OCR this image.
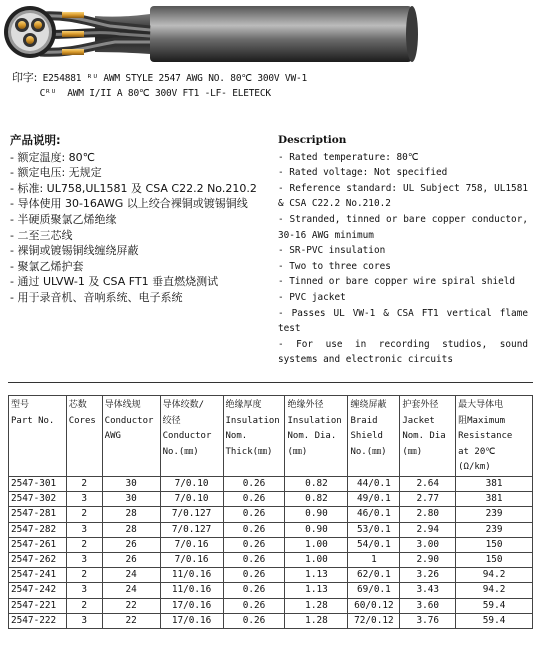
印字: E254881 ᴿᵁ AWM STYLE 2547 AWG NO. 80℃ 300V VW-1
Cᴿᵁ  AWM I/II A 80℃ 300V FT1 -LF- ELETECK
产品说明:
- 额定温度: 80℃
- 额定电压: 无规定
- 标准: UL758,UL1581 及 CSA C22.2 No.210.2
- 导体使用 30-16AWG 以上绞合裸铜或镀锡铜线
- 半硬质聚氯乙烯绝缘
- 二至三芯线
- 裸铜或镀锡铜线缠绕屏蔽
- 聚氯乙烯护套
- 通过 ULVW-1 及 CSA FT1 垂直燃烧测试
- 用于录音机、音响系统、电子系统
Description
- Rated temperature: 80℃
- Rated voltage: Not specified
- Reference standard: UL Subject 758, UL1581 & CSA C22.2 No.210.2
- Stranded, tinned or bare copper conductor, 30-16 AWG minimum
- SR-PVC insulation
- Two to three cores
- Tinned or bare copper wire spiral shield
- PVC jacket
- Passes UL VW-1 & CSA FT1 vertical flame test
- For use in recording studios, sound systems and electronic circuits
型号
Part No.	芯数
Cores	导体线规
Conductor
AWG	导体绞数/
绞径
Conductor
No.(㎜)	绝缘厚度
Insulation
Nom.
Thick(㎜)	绝缘外径
Insulation
Nom. Dia.
(㎜)	缠绕屏蔽
Braid
Shield
No.(㎜)	护套外径
Jacket
Nom. Dia
(㎜)	最大导体电
阻Maximum
Resistance
at 20℃
(Ω/km)

2547-301	2	30	7/0.10	0.26	0.82	44/0.1	2.64	381
2547-302	3	30	7/0.10	0.26	0.82	49/0.1	2.77	381
2547-281	2	28	7/0.127	0.26	0.90	46/0.1	2.80	239
2547-282	3	28	7/0.127	0.26	0.90	53/0.1	2.94	239
2547-261	2	26	7/0.16	0.26	1.00	54/0.1	3.00	150
2547-262	3	26	7/0.16	0.26	1.00	1	2.90	150
2547-241	2	24	11/0.16	0.26	1.13	62/0.1	3.26	94.2
2547-242	3	24	11/0.16	0.26	1.13	69/0.1	3.43	94.2
2547-221	2	22	17/0.16	0.26	1.28	60/0.12	3.60	59.4
2547-222	3	22	17/0.16	0.26	1.28	72/0.12	3.76	59.4
